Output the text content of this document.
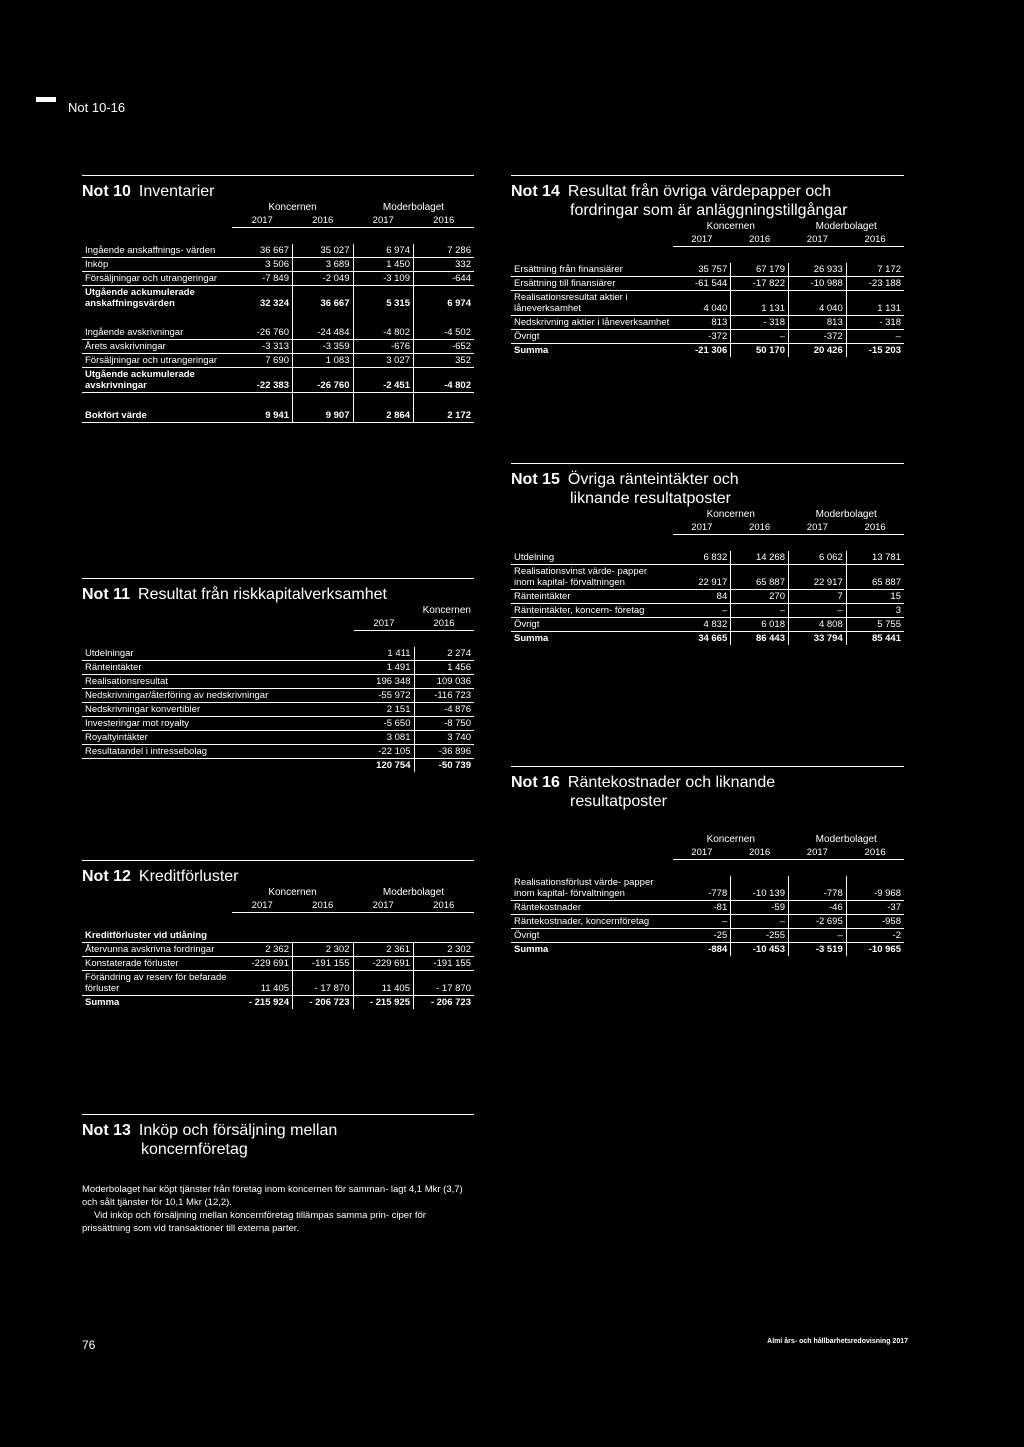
Not 10-16
Not 10 Inventarier
	Koncernen		Moderbolaget	
	2017	2016	2017	2016

Ingående anskaffnings- värden	36 667	35 027	6 974	7 286
Inköp	3 506	3 689	1 450	332
Försäljningar och utrangeringar	-7 849	-2 049	-3 109	-644
Utgående ackumulerade anskaffningsvärden	32 324	36 667	5 315	6 974

Ingående avskrivningar	-26 760	-24 484	-4 802	-4 502
Årets avskrivningar	-3 313	-3 359	-676	-652
Försäljningar och utrangeringar	7 690	1 083	3 027	352
Utgående ackumulerade avskrivningar	-22 383	-26 760	-2 451	-4 802

Bokfört värde	9 941	9 907	2 864	2 172
Not 11 Resultat från riskkapitalverksamhet
	Koncernen	
	2017	2016

Utdelningar	1 411	2 274
Ränteintäkter	1 491	1 456
Realisationsresultat	196 348	109 036
Nedskrivningar/återföring av nedskrivningar	-55 972	-116 723
Nedskrivningar konvertibler	2 151	-4 876
Investeringar mot royalty	-5 650	-8 750
Royaltyintäkter	3 081	3 740
Resultatandel i intressebolag	-22 105	-36 896
	120 754	-50 739
Not 12 Kreditförluster
	Koncernen		Moderbolaget	
	2017	2016	2017	2016

Kreditförluster vid utlåning				
Återvunna avskrivna fordringar	2 362	2 302	2 361	2 302
Konstaterade förluster	-229 691	-191 155	-229 691	-191 155
Förändring av reserv för befarade förluster	11 405	- 17 870	11 405	- 17 870
Summa	- 215 924	- 206 723	- 215 925	- 206 723
Not 13 Inköp och försäljning mellan
koncernföretag

Moderbolaget har köpt tjänster från företag inom koncernen för samman- lagt 4,1 Mkr (3,7) och sålt tjänster för 10,1 Mkr (12,2).

Vid inköp och försäljning mellan koncernföretag tillämpas samma prin- ciper för prissättning som vid transaktioner till externa parter.

Not 14 Resultat från övriga värdepapper och
fordringar som är anläggningstillgångar
	Koncernen		Moderbolaget	
	2017	2016	2017	2016

Ersättning från finansiärer	35 757	67 179	26 933	7 172
Ersättning till finansiärer	-61 544	-17 822	-10 988	-23 188
Realisationsresultat aktier i låneverksamhet	4 040	1 131	4 040	1 131
Nedskrivning aktier i låneverksamhet	813	- 318	813	- 318
Övrigt	-372	–	-372	–
Summa	-21 306	50 170	20 426	-15 203
Not 15 Övriga ränteintäkter och
liknande resultatposter
	Koncernen		Moderbolaget	
	2017	2016	2017	2016

Utdelning	6 832	14 268	6 062	13 781
Realisationsvinst värde- papper inom kapital- förvaltningen	22 917	65 887	22 917	65 887
Ränteintäkter	84	270	7	15
Ränteintäkter, koncern- företag	–	–	–	3
Övrigt	4 832	6 018	4 808	5 755
Summa	34 665	86 443	33 794	85 441
Not 16 Räntekostnader och liknande
resultatposter
	Koncernen		Moderbolaget	
	2017	2016	2017	2016

Realisationsförlust värde- papper inom kapital- förvaltningen	-778	-10 139	-778	-9 968
Räntekostnader	-81	-59	-46	-37
Räntekostnader, koncernföretag	–	–	-2 695	-958
Övrigt	-25	-255	–	-2
Summa	-884	-10 453	-3 519	-10 965
76	Almi års- och hållbarhetsredovisning 2017
